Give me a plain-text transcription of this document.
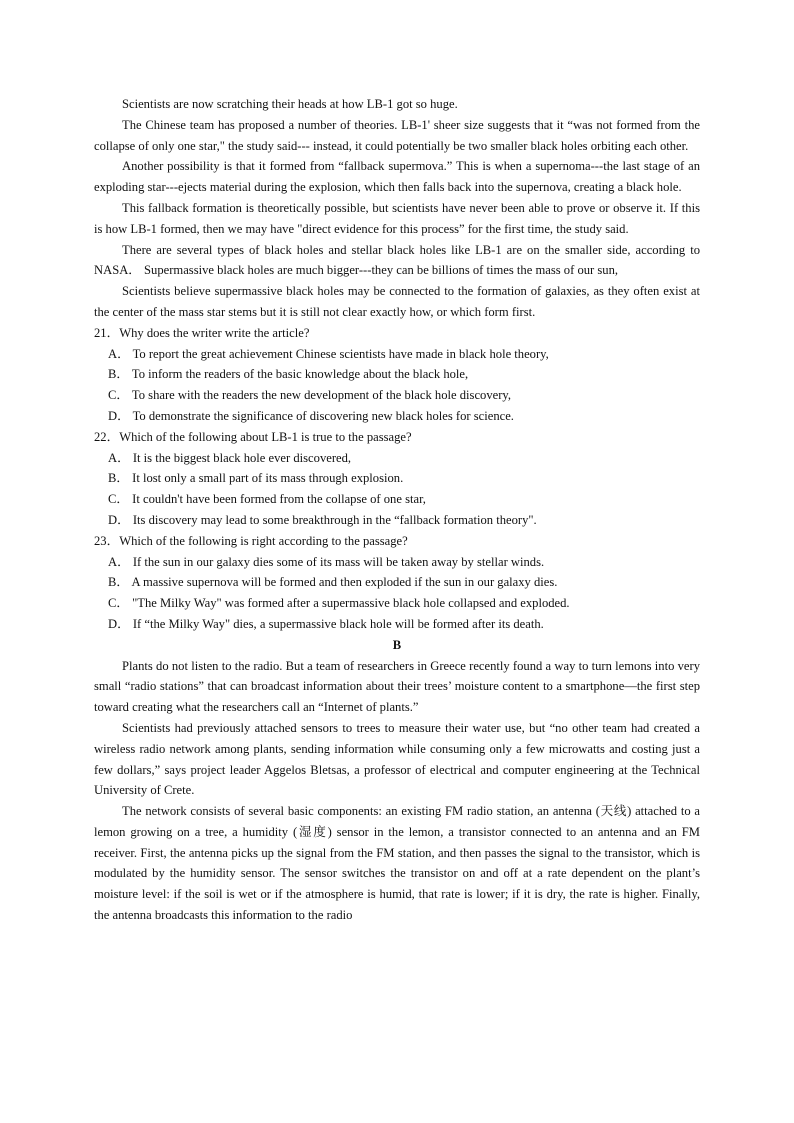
Scientists are now scratching their heads at how LB-1 got so huge.

The Chinese team has proposed a number of theories. LB-1' sheer size suggests that it “was not formed from the collapse of only one star," the study said--- instead, it could potentially be two smaller black holes orbiting each other.

Another possibility is that it formed from “fallback supermova.” This is when a supernoma---the last stage of an exploding star---ejects material during the explosion, which then falls back into the supernova, creating a black hole.

This fallback formation is theoretically possible, but scientists have never been able to prove or observe it. If this is how LB-1 formed, then we may have "direct evidence for this process” for the first time, the study said.

There are several types of black holes and stellar black holes like LB-1 are on the smaller side, according to NASA． Supermassive black holes are much bigger---they can be billions of times the mass of our sun,

Scientists believe supermassive black holes may be connected to the formation of galaxies, as they often exist at the center of the mass star stems but it is still not clear exactly how, or which form first.

21．Why does the writer write the article?

A． To report the great achievement Chinese scientists have made in black hole theory,

B． To inform the readers of the basic knowledge about the black hole,

C． To share with the readers the new development of the black hole discovery,

D． To demonstrate the significance of discovering new black holes for science.

22．Which of the following about LB-1 is true to the passage?

A． It is the biggest black hole ever discovered,

B． It lost only a small part of its mass through explosion.

C． It couldn't have been formed from the collapse of one star,

D． Its discovery may lead to some breakthrough in the “fallback formation theory".

23．Which of the following is right according to the passage?

A． If the sun in our galaxy dies some of its mass will be taken away by stellar winds.

B． A massive supernova will be formed and then exploded if the sun in our galaxy dies.

C． "The Milky Way" was formed after a supermassive black hole collapsed and exploded.

D． If “the Milky Way" dies, a supermassive black hole will be formed after its death.

B

Plants do not listen to the radio. But a team of researchers in Greece recently found a way to turn lemons into very small “radio stations” that can broadcast information about their trees’ moisture content to a smartphone—the first step toward creating what the researchers call an “Internet of plants.”

Scientists had previously attached sensors to trees to measure their water use, but “no other team had created a wireless radio network among plants, sending information while consuming only a few microwatts and costing just a few dollars,” says project leader Aggelos Bletsas, a professor of electrical and computer engineering at the Technical University of Crete.

The network consists of several basic components: an existing FM radio station, an antenna (天线) attached to a lemon growing on a tree, a humidity (湿度) sensor in the lemon, a transistor connected to an antenna and an FM receiver. First, the antenna picks up the signal from the FM station, and then passes the signal to the transistor, which is modulated by the humidity sensor. The sensor switches the transistor on and off at a rate dependent on the plant’s moisture level: if the soil is wet or if the atmosphere is humid, that rate is lower; if it is dry, the rate is higher. Finally, the antenna broadcasts this information to the radio
